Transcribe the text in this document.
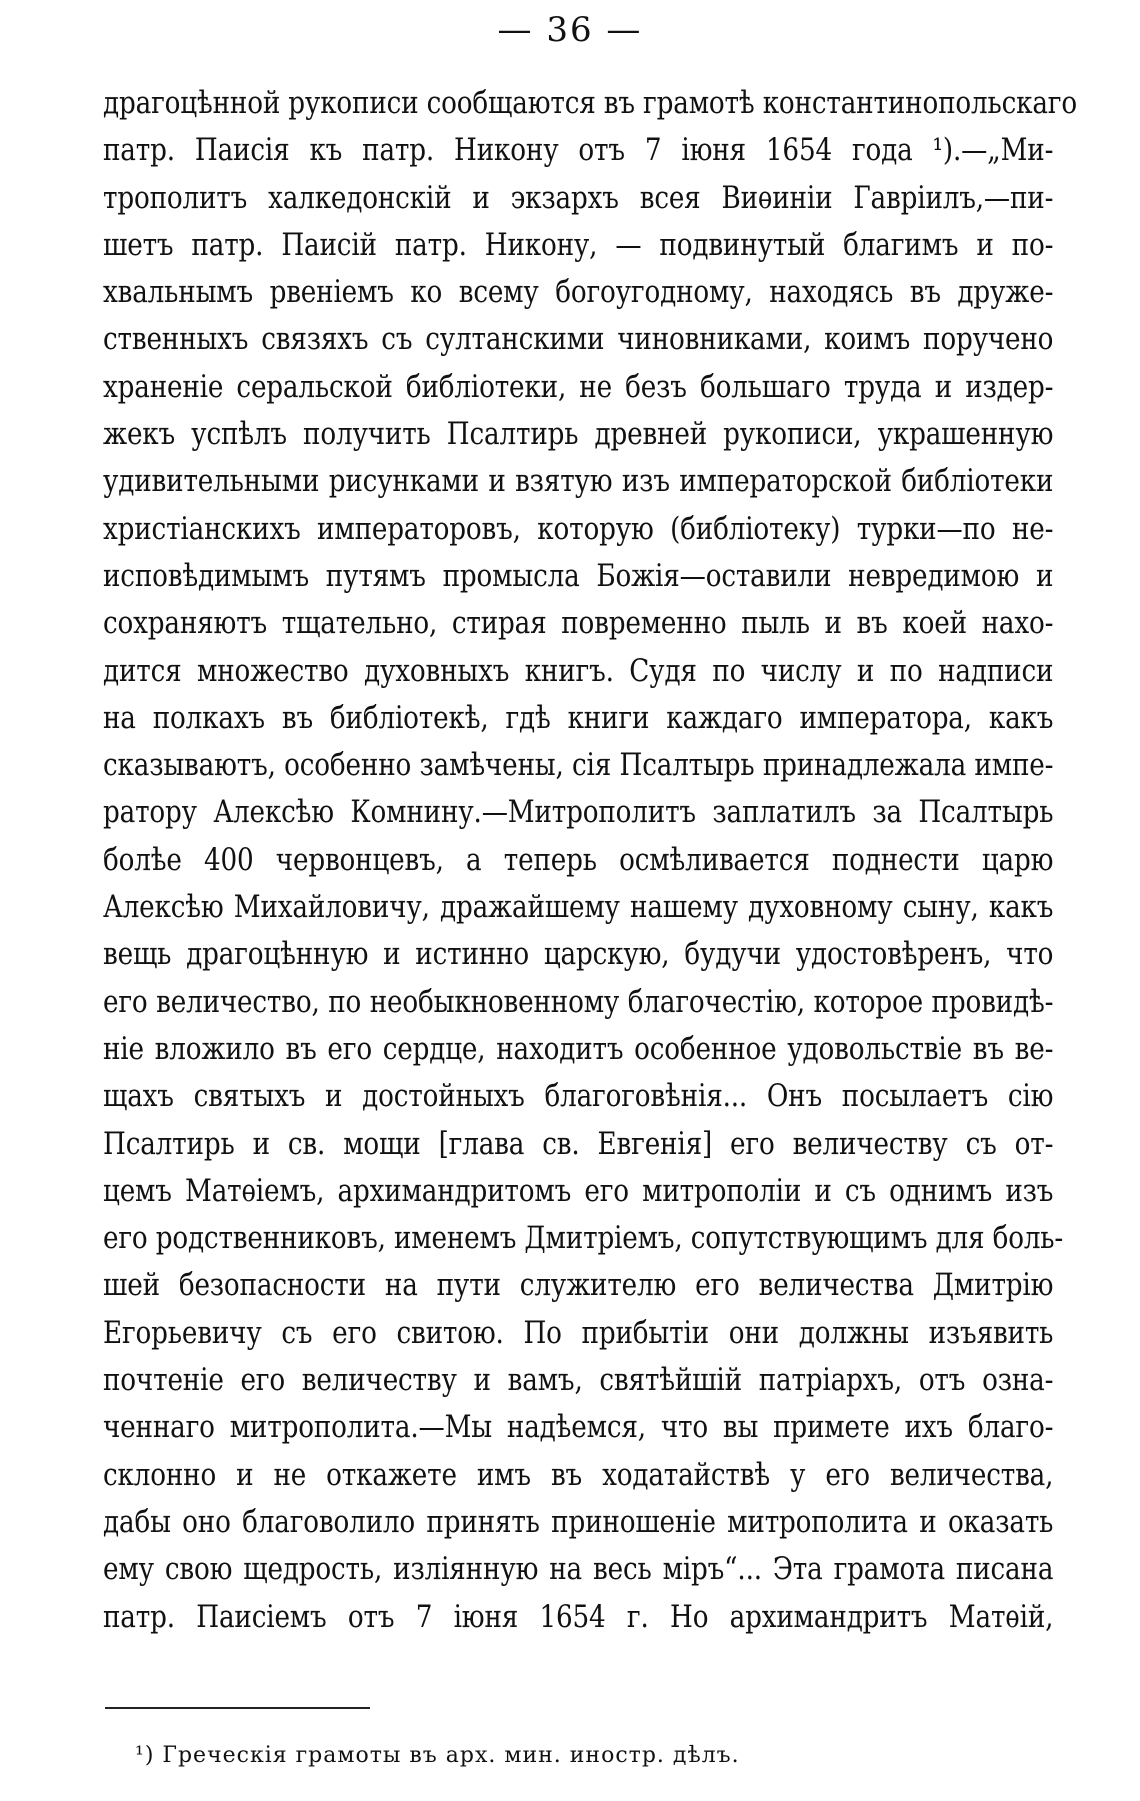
— 36 —
драгоцѣнной рукописи сообщаются въ грамотѣ константинопольскаго
патр. Паисія къ патр. Никону отъ 7 іюня 1654 года ¹).—„Ми-
трополитъ халкедонскій и экзархъ всея Виѳиніи Гавріилъ,—пи-
шетъ патр. Паисій патр. Никону, — подвинутый благимъ и по-
хвальнымъ рвеніемъ ко всему богоугодному, находясь въ друже-
ственныхъ связяхъ съ султанскими чиновниками, коимъ поручено
храненіе серальской библіотеки, не безъ большаго труда и издер-
жекъ успѣлъ получить Псалтирь древней рукописи, украшенную
удивительными рисунками и взятую изъ императорской библіотеки
христіанскихъ императоровъ, которую (библіотеку) турки—по не-
исповѣдимымъ путямъ промысла Божія—оставили невредимою и
сохраняютъ тщательно, стирая повременно пыль и въ коей нахо-
дится множество духовныхъ книгъ. Судя по числу и по надписи
на полкахъ въ библіотекѣ, гдѣ книги каждаго императора, какъ
сказываютъ, особенно замѣчены, сія Псалтырь принадлежала импе-
ратору Алексѣю Комнину.—Митрополитъ заплатилъ за Псалтырь
болѣе 400 червонцевъ, а теперь осмѣливается поднести царю
Алексѣю Михайловичу, дражайшему нашему духовному сыну, какъ
вещь драгоцѣнную и истинно царскую, будучи удостовѣренъ, что
его величество, по необыкновенному благочестію, которое провидѣ-
ніе вложило въ его сердце, находитъ особенное удовольствіе въ ве-
щахъ святыхъ и достойныхъ благоговѣнія... Онъ посылаетъ сію
Псалтирь и св. мощи [глава св. Евгенія] его величеству съ от-
цемъ Матѳіемъ, архимандритомъ его митрополіи и съ однимъ изъ
его родственниковъ, именемъ Дмитріемъ, сопутствующимъ для боль-
шей безопасности на пути служителю его величества Дмитрію
Егорьевичу съ его свитою. По прибытіи они должны изъявить
почтеніе его величеству и вамъ, святѣйшій патріархъ, отъ озна-
ченнаго митрополита.—Мы надѣемся, что вы примете ихъ благо-
склонно и не откажете имъ въ ходатайствѣ у его величества,
дабы оно благоволило принять приношеніе митрополита и оказать
ему свою щедрость, изліянную на весь міръ“... Эта грамота писана
патр. Паисіемъ отъ 7 іюня 1654 г. Но архимандритъ Матѳій,
¹) Греческія грамоты въ арх. мин. иностр. дѣлъ.
